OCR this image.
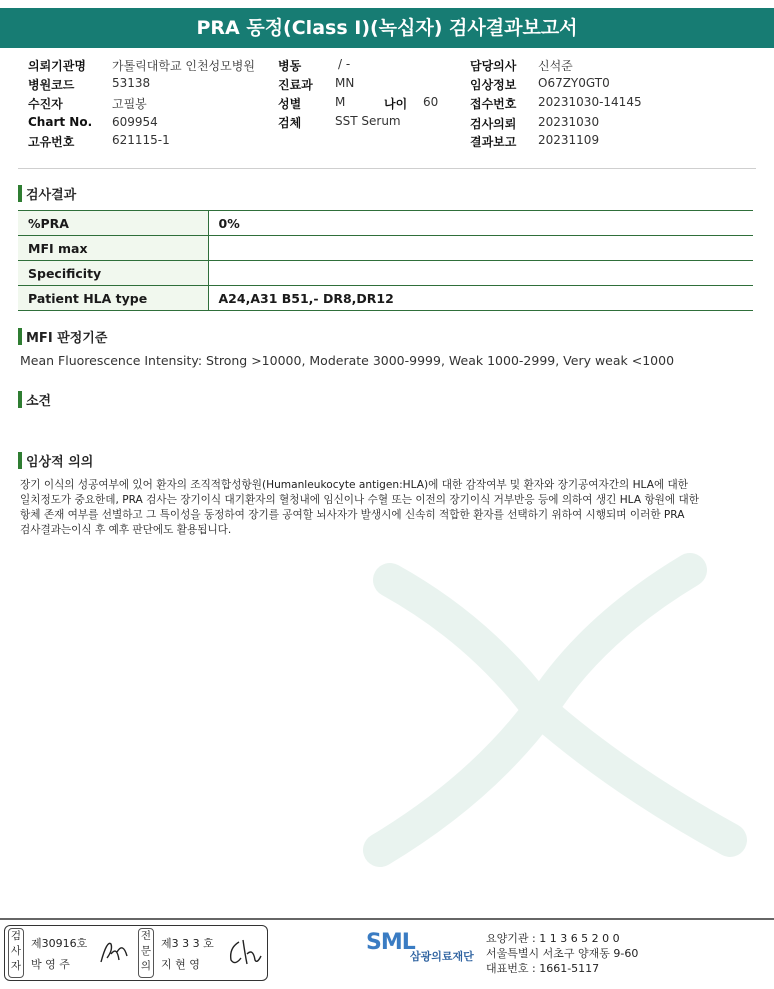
PRA 동정(Class I)(녹십자) 검사결과보고서
의뢰기관명 가톨릭대학교 인천성모병원
병원코드	53138
수진자	고필봉
Chart No. 609954
고유번호	621115-1
병동	/ -
진료과 MN
성별	M	나이 60
검체	SST Serum
담당의사 신석준
임상정보 O67ZY0GT0
접수번호 20231030-14145
검사의뢰 20231030
결과보고 20231109
검사결과
%PRA	0%
MFI max	
Specificity	
Patient HLA type	A24,A31 B51,- DR8,DR12
MFI 판정기준
Mean Fluorescence Intensity: Strong >10000, Moderate 3000-9999, Weak 1000-2999, Very weak <1000
소견
임상적 의의
장기 이식의 성공여부에 있어 환자의 조직적합성항원(Humanleukocyte antigen:HLA)에 대한 감작여부 및 환자와 장기공여자간의 HLA에 대한
일치정도가 중요한데, PRA 검사는 장기이식 대기환자의 혈청내에 임신이나 수혈 또는 이전의 장기이식 거부반응 등에 의하여 생긴 HLA 항원에 대한
항체 존재 여부를 선별하고 그 특이성을 동정하여 장기를 공여할 뇌사자가 발생시에 신속히 적합한 환자를 선택하기 위하여 시행되며 이러한 PRA
검사결과는이식 후 예후 판단에도 활용됩니다.
검
사
자
제30916호
박 영 주
전
문
의
제3 3 3 호
지 현 영
SML
삼광의료재단
요양기관 : 1 1 3 6 5 2 0 0
서울특별시 서초구 양재동 9-60
대표번호 : 1661-5117
